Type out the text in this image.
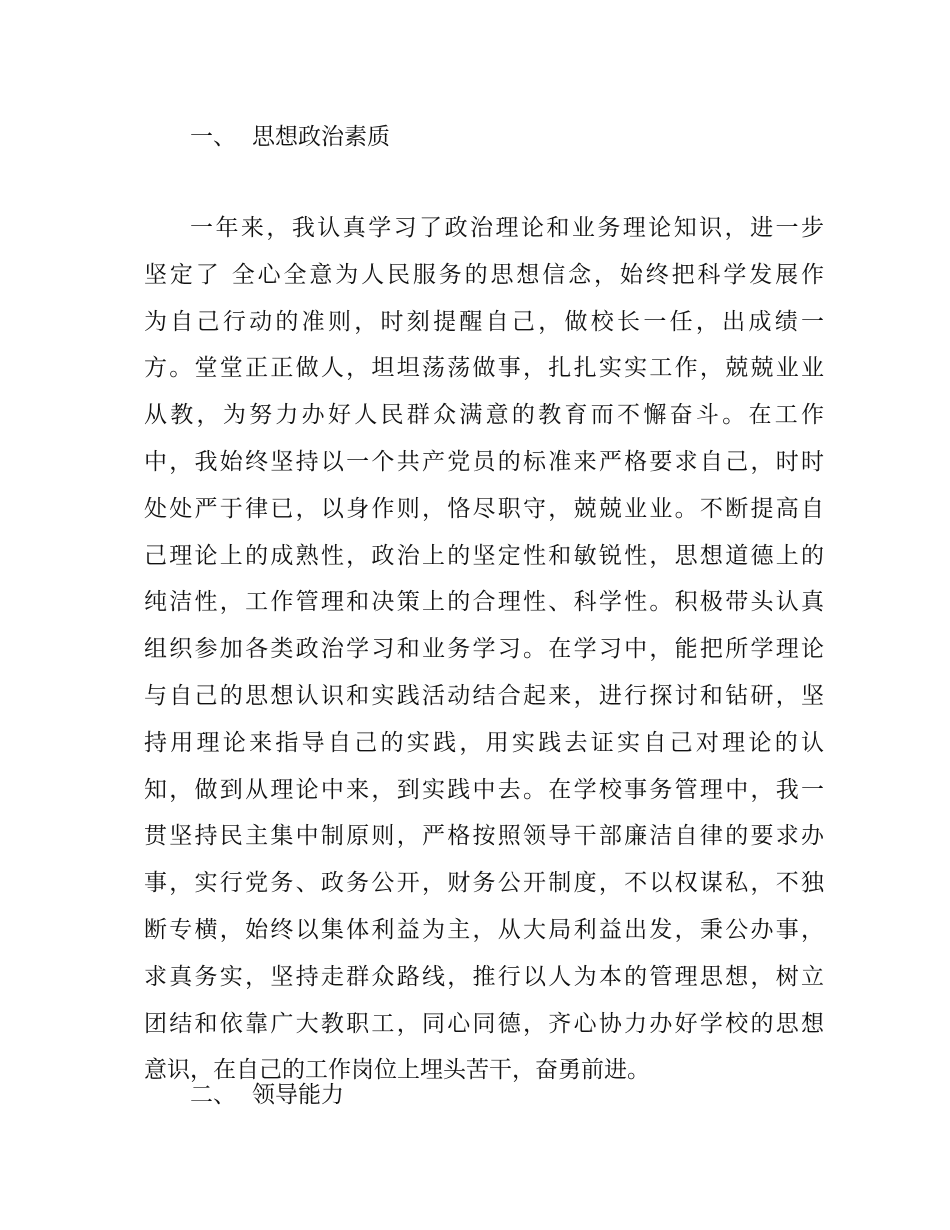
一、 思想政治素质
一年来，我认真学习了政治理论和业务理论知识，进一步
坚定了 全心全意为人民服务的思想信念，始终把科学发展作
为自己行动的准则，时刻提醒自己，做校长一任，出成绩一
方。堂堂正正做人，坦坦荡荡做事，扎扎实实工作，兢兢业业
从教，为努力办好人民群众满意的教育而不懈奋斗。在工作
中，我始终坚持以一个共产党员的标准来严格要求自己，时时
处处严于律已，以身作则，恪尽职守，兢兢业业。不断提高自
己理论上的成熟性，政治上的坚定性和敏锐性，思想道德上的
纯洁性，工作管理和决策上的合理性、科学性。积极带头认真
组织参加各类政治学习和业务学习。在学习中，能把所学理论
与自己的思想认识和实践活动结合起来，进行探讨和钻研，坚
持用理论来指导自己的实践，用实践去证实自己对理论的认
知，做到从理论中来，到实践中去。在学校事务管理中，我一
贯坚持民主集中制原则，严格按照领导干部廉洁自律的要求办
事，实行党务、政务公开，财务公开制度，不以权谋私，不独
断专横，始终以集体利益为主，从大局利益出发，秉公办事，
求真务实，坚持走群众路线，推行以人为本的管理思想，树立
团结和依靠广大教职工，同心同德，齐心协力办好学校的思想
意识，在自己的工作岗位上埋头苦干，奋勇前进。
二、 领导能力
